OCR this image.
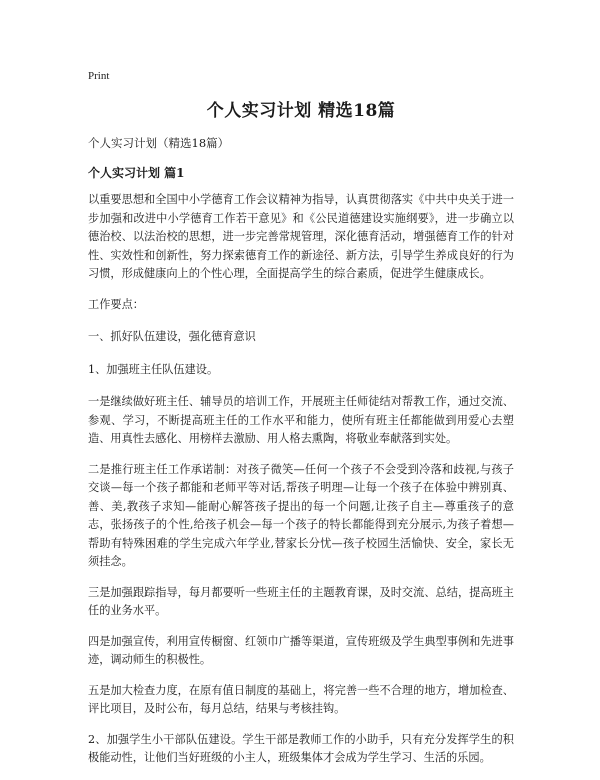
Print
个人实习计划 精选18篇
个人实习计划（精选18篇）
个人实习计划 篇1

以重要思想和全国中小学德育工作会议精神为指导，认真贯彻落实《中共中央关于进一步加强和改进中小学德育工作若干意见》和《公民道德建设实施纲要》，进一步确立以德治校、以法治校的思想，进一步完善常规管理，深化德育活动，增强德育工作的针对性、实效性和创新性，努力探索德育工作的新途径、新方法，引导学生养成良好的行为习惯，形成健康向上的个性心理，全面提高学生的综合素质，促进学生健康成长。

工作要点：

一、抓好队伍建设，强化德育意识

1、加强班主任队伍建设。

一是继续做好班主任、辅导员的培训工作，开展班主任师徒结对帮教工作，通过交流、参观、学习，不断提高班主任的工作水平和能力，使所有班主任都能做到用爱心去塑造、用真性去感化、用榜样去激励、用人格去熏陶，将敬业奉献落到实处。

二是推行班主任工作承诺制：对孩子微笑—任何一个孩子不会受到冷落和歧视,与孩子交谈—每一个孩子都能和老师平等对话,帮孩子明理—让每一个孩子在体验中辨别真、善、美,教孩子求知—能耐心解答孩子提出的每一个问题,让孩子自主—尊重孩子的意志，张扬孩子的个性,给孩子机会—每一个孩子的特长都能得到充分展示,为孩子着想—帮助有特殊困难的学生完成六年学业,替家长分忧—孩子校园生活愉快、安全，家长无须挂念。

三是加强跟踪指导，每月都要听一些班主任的主题教育课，及时交流、总结，提高班主任的业务水平。

四是加强宣传，利用宣传橱窗、红领巾广播等渠道，宣传班级及学生典型事例和先进事迹，调动师生的积极性。

五是加大检查力度，在原有值日制度的基础上，将完善一些不合理的地方，增加检查、评比项目，及时公布，每月总结，结果与考核挂钩。

2、加强学生小干部队伍建设。学生干部是教师工作的小助手，只有充分发挥学生的积极能动性，让他们当好班级的小主人，班级集体才会成为学生学习、生活的乐园。
